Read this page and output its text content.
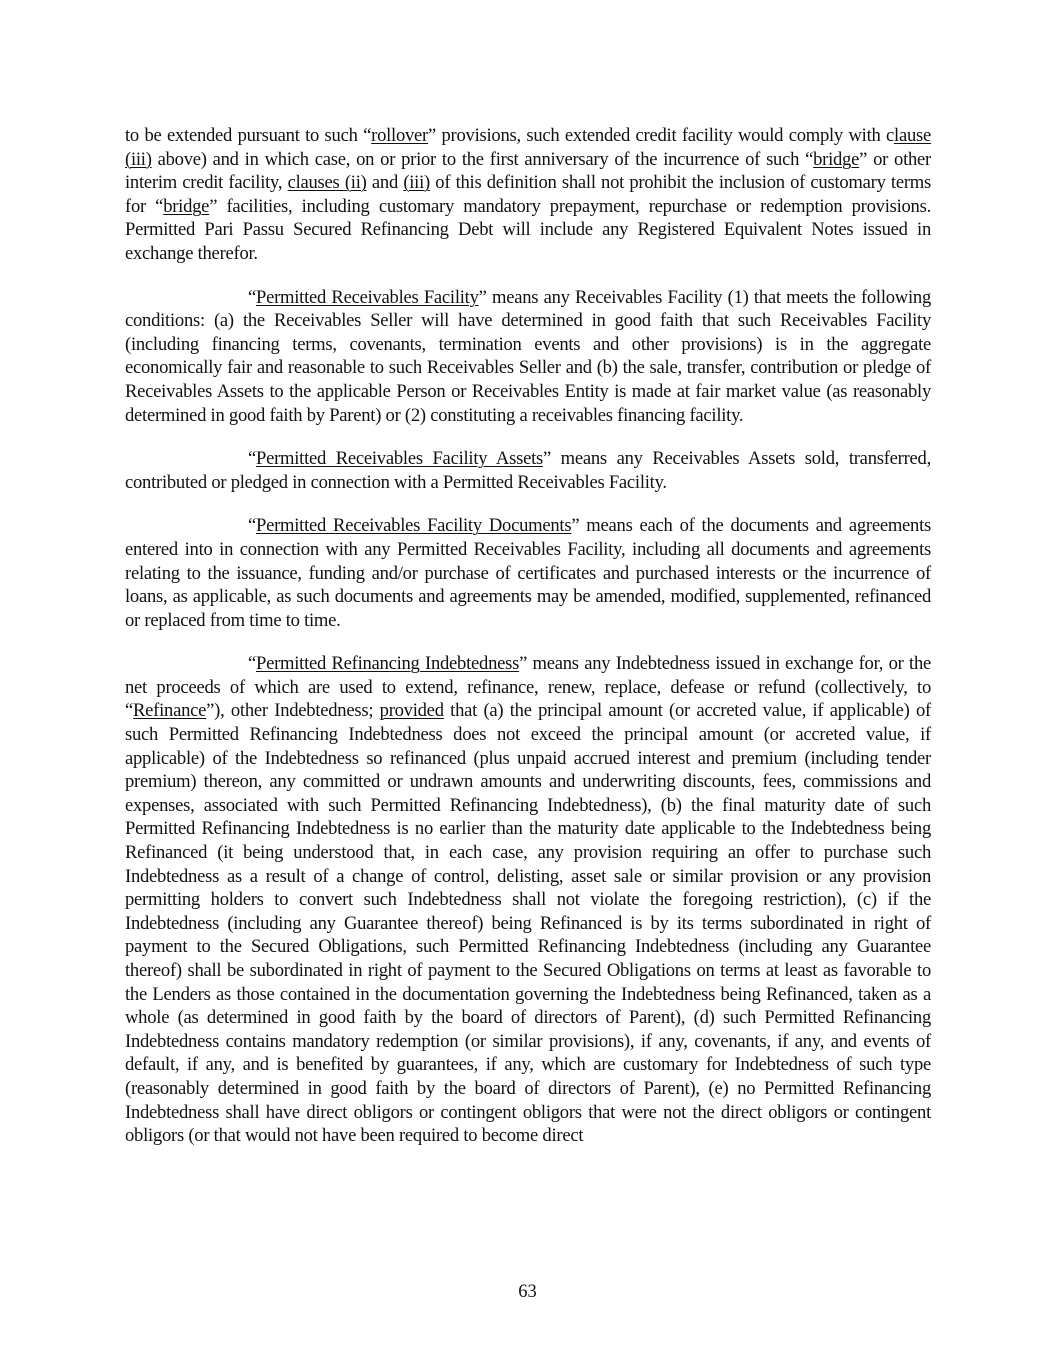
to be extended pursuant to such “rollover” provisions, such extended credit facility would comply with clause (iii) above) and in which case, on or prior to the first anniversary of the incurrence of such “bridge” or other interim credit facility, clauses (ii) and (iii) of this definition shall not prohibit the inclusion of customary terms for “bridge” facilities, including customary mandatory prepayment, repurchase or redemption provisions. Permitted Pari Passu Secured Refinancing Debt will include any Registered Equivalent Notes issued in exchange therefor.

“Permitted Receivables Facility” means any Receivables Facility (1) that meets the following conditions: (a) the Receivables Seller will have determined in good faith that such Receivables Facility (including financing terms, covenants, termination events and other provisions) is in the aggregate economically fair and reasonable to such Receivables Seller and (b) the sale, transfer, contribution or pledge of Receivables Assets to the applicable Person or Receivables Entity is made at fair market value (as reasonably determined in good faith by Parent) or (2) constituting a receivables financing facility.

“Permitted Receivables Facility Assets” means any Receivables Assets sold, transferred, contributed or pledged in connection with a Permitted Receivables Facility.

“Permitted Receivables Facility Documents” means each of the documents and agreements entered into in connection with any Permitted Receivables Facility, including all documents and agreements relating to the issuance, funding and/or purchase of certificates and purchased interests or the incurrence of loans, as applicable, as such documents and agreements may be amended, modified, supplemented, refinanced or replaced from time to time.

“Permitted Refinancing Indebtedness” means any Indebtedness issued in exchange for, or the net proceeds of which are used to extend, refinance, renew, replace, defease or refund (collectively, to “Refinance”), other Indebtedness; provided that (a) the principal amount (or accreted value, if applicable) of such Permitted Refinancing Indebtedness does not exceed the principal amount (or accreted value, if applicable) of the Indebtedness so refinanced (plus unpaid accrued interest and premium (including tender premium) thereon, any committed or undrawn amounts and underwriting discounts, fees, commissions and expenses, associated with such Permitted Refinancing Indebtedness), (b) the final maturity date of such Permitted Refinancing Indebtedness is no earlier than the maturity date applicable to the Indebtedness being Refinanced (it being understood that, in each case, any provision requiring an offer to purchase such Indebtedness as a result of a change of control, delisting, asset sale or similar provision or any provision permitting holders to convert such Indebtedness shall not violate the foregoing restriction), (c) if the Indebtedness (including any Guarantee thereof) being Refinanced is by its terms subordinated in right of payment to the Secured Obligations, such Permitted Refinancing Indebtedness (including any Guarantee thereof) shall be subordinated in right of payment to the Secured Obligations on terms at least as favorable to the Lenders as those contained in the documentation governing the Indebtedness being Refinanced, taken as a whole (as determined in good faith by the board of directors of Parent), (d) such Permitted Refinancing Indebtedness contains mandatory redemption (or similar provisions), if any, covenants, if any, and events of default, if any, and is benefited by guarantees, if any, which are customary for Indebtedness of such type (reasonably determined in good faith by the board of directors of Parent), (e) no Permitted Refinancing Indebtedness shall have direct obligors or contingent obligors that were not the direct obligors or contingent obligors (or that would not have been required to become direct

63
